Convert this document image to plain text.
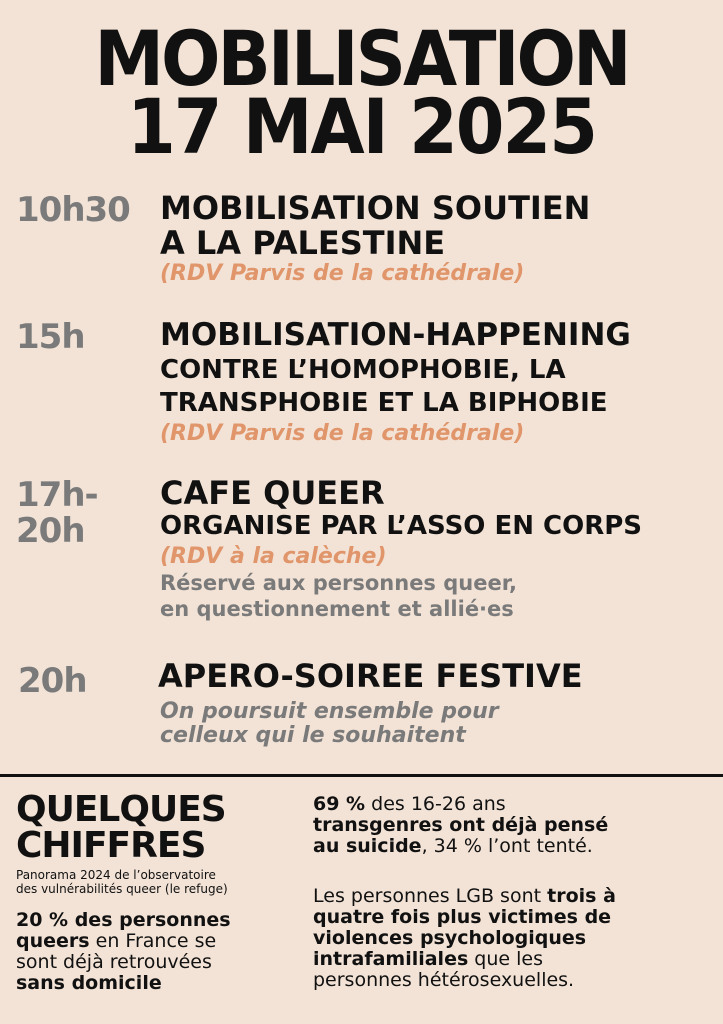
MOBILISATION
17 MAI 2025
10h30 MOBILISATION SOUTIEN
A LA PALESTINE
(RDV Parvis de la cathédrale)
15h MOBILISATION-HAPPENING
CONTRE L’HOMOPHOBIE, LA
TRANSPHOBIE ET LA BIPHOBIE
(RDV Parvis de la cathédrale)
17h-
20h
CAFE QUEER
ORGANISE PAR L’ASSO EN CORPS
(RDV à la calèche)
Réservé aux personnes queer,
en questionnement et allié·es
20h APERO-SOIREE FESTIVE
On poursuit ensemble pour
celleux qui le souhaitent
QUELQUES
CHIFFRES
Panorama 2024 de l’observatoire
des vulnérabilités queer (le refuge)
20 % des personnes
queers en France se
sont déjà retrouvées
sans domicile
69 % des 16-26 ans
transgenres ont déjà pensé
au suicide, 34 % l’ont tenté.
Les personnes LGB sont trois à
quatre fois plus victimes de
violences psychologiques
intrafamiliales que les
personnes hétérosexuelles.
